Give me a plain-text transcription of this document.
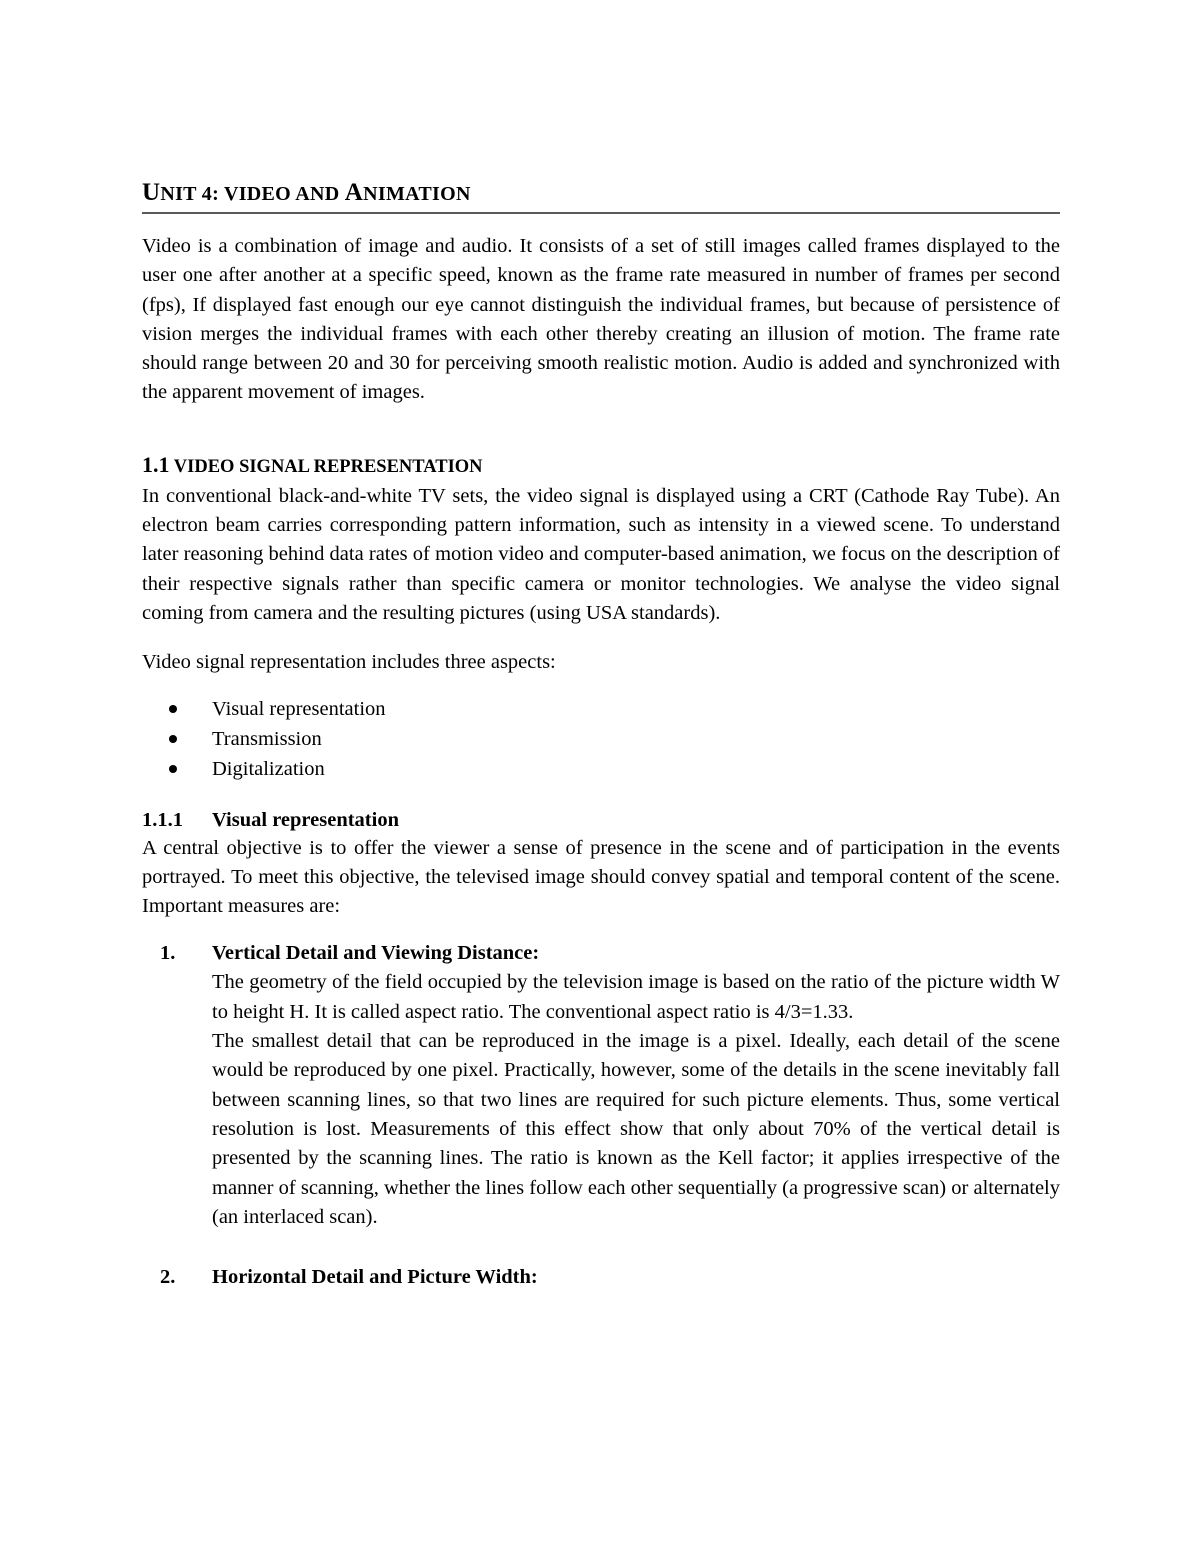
UNIT 4: VIDEO AND ANIMATION

Video is a combination of image and audio. It consists of a set of still images called frames displayed to the user one after another at a specific speed, known as the frame rate measured in number of frames per second (fps), If displayed fast enough our eye cannot distinguish the individual frames, but because of persistence of vision merges the individual frames with each other thereby creating an illusion of motion. The frame rate should range between 20 and 30 for perceiving smooth realistic motion. Audio is added and synchronized with the apparent movement of images.

1.1 VIDEO SIGNAL REPRESENTATION

In conventional black-and-white TV sets, the video signal is displayed using a CRT (Cathode Ray Tube). An electron beam carries corresponding pattern information, such as intensity in a viewed scene. To understand later reasoning behind data rates of motion video and computer-based animation, we focus on the description of their respective signals rather than specific camera or monitor technologies. We analyse the video signal coming from camera and the resulting pictures (using USA standards).

Video signal representation includes three aspects:

Visual representation
Transmission
Digitalization
1.1.1 Visual representation

A central objective is to offer the viewer a sense of presence in the scene and of participation in the events portrayed. To meet this objective, the televised image should convey spatial and temporal content of the scene. Important measures are:

1. Vertical Detail and Viewing Distance:

The geometry of the field occupied by the television image is based on the ratio of the picture width W to height H. It is called aspect ratio. The conventional aspect ratio is 4/3=1.33.

The smallest detail that can be reproduced in the image is a pixel. Ideally, each detail of the scene would be reproduced by one pixel. Practically, however, some of the details in the scene inevitably fall between scanning lines, so that two lines are required for such picture elements. Thus, some vertical resolution is lost. Measurements of this effect show that only about 70% of the vertical detail is presented by the scanning lines. The ratio is known as the Kell factor; it applies irrespective of the manner of scanning, whether the lines follow each other sequentially (a progressive scan) or alternately (an interlaced scan).

2. Horizontal Detail and Picture Width:
